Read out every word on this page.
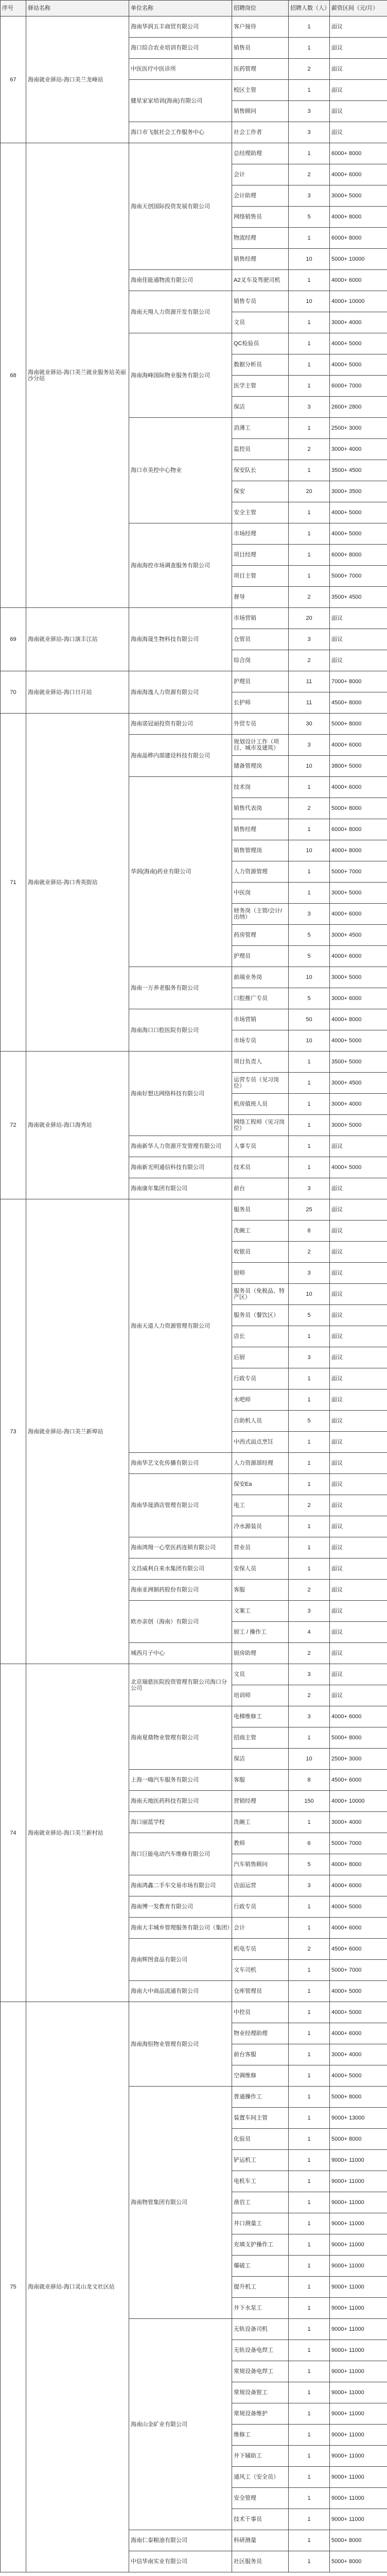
序号	驿站名称	单位名称	招聘岗位	招聘人数（人）	薪资区间（元/月）
67	海南就业驿站-海口美兰龙峰站	海南华润五丰商贸有限公司	客户接待	1	面议
		海口综合农业培训有限公司	销售员	1	面议
		中医医疗中医诊所	医药管理	2	面议
		健星家家培训(海南)有限公司	校区主管	1	面议
			销售顾问	3	面议
		海口市飞航社会工作服务中心	社会工作者	3	面议
68	海南就业驿站-海口美兰就业服务站美丽沙分站	海南天创国际投资发展有限公司	总经理助理	1	6000+ 8000
			会计	2	4000+ 6000
			会计助理	3	3000+ 5000
			网络销售员	5	4000+ 8000
			物流经理	1	6000+ 8000
			销售经理	10	5000+ 10000
		海南佳能通物流有限公司	A2叉车及驾驶司机	1	4000+ 6000
		海南天翔人力资源开发有限公司	销售专员	10	4000+ 10000
			文员	1	3000+ 4000
		海南海峰国际物业服务有限公司	QC检验员	1	4000+ 5000
			数据分析员	1	4000+ 5000
			医学主管	1	6000+ 7000
			保洁	3	2600+ 2800
		海口市美控中心物业	消薄工	1	2500+ 3000
			监控员	2	3000+ 4000
			保安队长	1	3500+ 4500
			保安	20	3000+ 3500
			安全主管	1	4000+ 5000
		海南海控市场调查服务有限公司	市场经理	1	4000+ 5000
			项目经理	1	6000+ 8000
			项目主管	1	5000+ 7000
			督导	2	3500+ 4500
69	海南就业驿站-海口演丰江站	海南海晟生物科技有限公司	市场营销	20	面议
			仓管员	3	面议
			综合岗	2	面议
70	海南就业驿站-海口日月站	海南海逸人力资源有限公司	护理员	11	7000+ 8000
			长护师	11	4500+ 8000
71	海南就业驿站-海口秀英街站	海南诺冠丽投资有限公司	外贸专员	30	5000+ 8000
		海南晶桦内部建设科技有限公司	规划设计工作（项目、城市及建筑）	3	4000+ 6000
			储备管理岗	10	3800+ 5000
		华润(海南)药业有限公司	技术岗	1	4000+ 6000
			销售代表岗	2	5000+ 8000
			销售经理	1	6000+ 8000
			销售管理岗	10	4000+ 8000
			人力资源管理	1	5000+ 7000
			中医岗	1	3000+ 5000
			财务岗（主管/会计/出纳）	3	4000+ 6000
			药房管理	5	3000+ 4500
			护理员	5	4000+ 6000
		海南一万养老服务有限公司	前端业务岗	10	3000+ 5000
			口腔推广专员	5	3000+ 6000
		海南海口口腔医院有限公司	市场营销	50	4000+ 8000
			市场专员	10	4000+ 5000
72	海南就业驿站-海口海秀站	海南好想达网络科技有限公司	项目负责人	1	3500+ 5000
			运营专员（见习岗位）	1	3000+ 4500
			机房值班人员	1	3000+ 4000
			网络工程师（见习岗位）	1	3000+ 5000
		海南新华人力资源开发管理有限公司	人事专员	1	面议
		海南新光明通信科技有限公司	技术员	1	4000+ 5000
		海南康年集团有限公司	前台	3	面议
73	海南就业驿站-海口美兰新埠站	海南天道人力资源管理有限公司	服务员	25	面议
			洗碗工	8	面议
			收银员	2	面议
			厨师	3	面议
			服务员（免税品、特产区）	10	面议
			服务员（餐饮区）	5	面议
			店长	1	面议
			后厨	3	面议
			行政专员	1	面议
			水吧师	1	面议
			自助机人员	5	面议
			中西式面点烹饪	1	面议
		海南华艺文化传播有限公司	人力资源部经理	1	面议
		海南华晟酒店管理有限公司	保安Ea	1	面议
			电工	2	面议
			冷水源装员	1	面议
		海南鸿翔一心堂医药连锁有限公司	营业员	1	面议
		文昌威利自来水集团有限公司	安保人员	1	面议
		海南亚洲制药股份有限公司	客服	2	面议
		欧亦亲创（海南）有限公司	文案工	3	面议
			厨工 / 操作工	4	面议
		城西月子中心	厨房助理	2	面议
74	海南就业驿站-海口美兰新村站	北京瑞慈医院投资管理有限公司海口分公司	文员	3	面议
			培训师	2	面议
		海南夏鼎物业管理有限公司	电梯维修工	3	4000+ 6000
			招商主管	1	5000+ 8000
			保洁	10	2500+ 3000
		上海一嗨汽车服务有限公司	客服	8	4500+ 6000
		海南天地医药科技有限公司	营销经理	150	4000+ 10000
		海口丽蓝学校	洗碗工	1	3000+ 4000
		海口巨能电动汽车维修有限公司	教师	6	5000+ 7000
			汽车销售顾问	5	4000+ 8000
		海南鸿鑫二手车交易市场有限公司	店面运营	3	4000+ 6000
		海南博一发教育有限公司	行政专员	1	4000+ 5000
		海南大丰城乡管理服务有限公司（集团）	会计	1	4000+ 6000
		海南辉图食品有限公司	机电专员	2	4500+ 6000
			文车司机	1	5000+ 7000
		海南大中商品流通有限公司	仓库管理员	1	4000+ 5000
75	海南就业驿站-海口灵山龙文社区站	海南海恒物业管理有限公司	中控员	1	4000+ 5000
			物业经理助理	1	4000+ 6000
			前台客服	1	3000+ 4000
			空调维修	1	4000+ 5000
		海南物管集团有限公司	普通操作工	1	5000+ 8000
			装置车间主管	1	9000+ 13000
			化验员	1	5000+ 8000
			铲运机工	1	9000+ 11000
			电机车工	1	9000+ 11000
			凿岩工	1	9000+ 11000
			井口测量工	1	9000+ 11000
			充填支护操作工	1	9000+ 11000
			爆破工	1	9000+ 11000
			提升机工	1	9000+ 11000
			井下水泵工	1	9000+ 11000
		海南山金矿业有限公司	无轨设备司机	1	9000+ 11000
			无轨设备电焊工	1	9000+ 11000
			常规设备电焊工	1	9000+ 11000
			常规设备钳工	1	9000+ 11000
			常规设备维护	1	9000+ 11000
			维修工	1	9000+ 11000
			井下辅助工	1	9000+ 11000
			通风工（安全员）	1	9000+ 11000
			安全管理	1	9000+ 11000
			技术干事员	1	9000+ 11000
		海南仁泰粮油有限公司	科研测量	1	5000+ 8000
		中信华南实业有限公司	社区服务员	1	5000+ 8000
